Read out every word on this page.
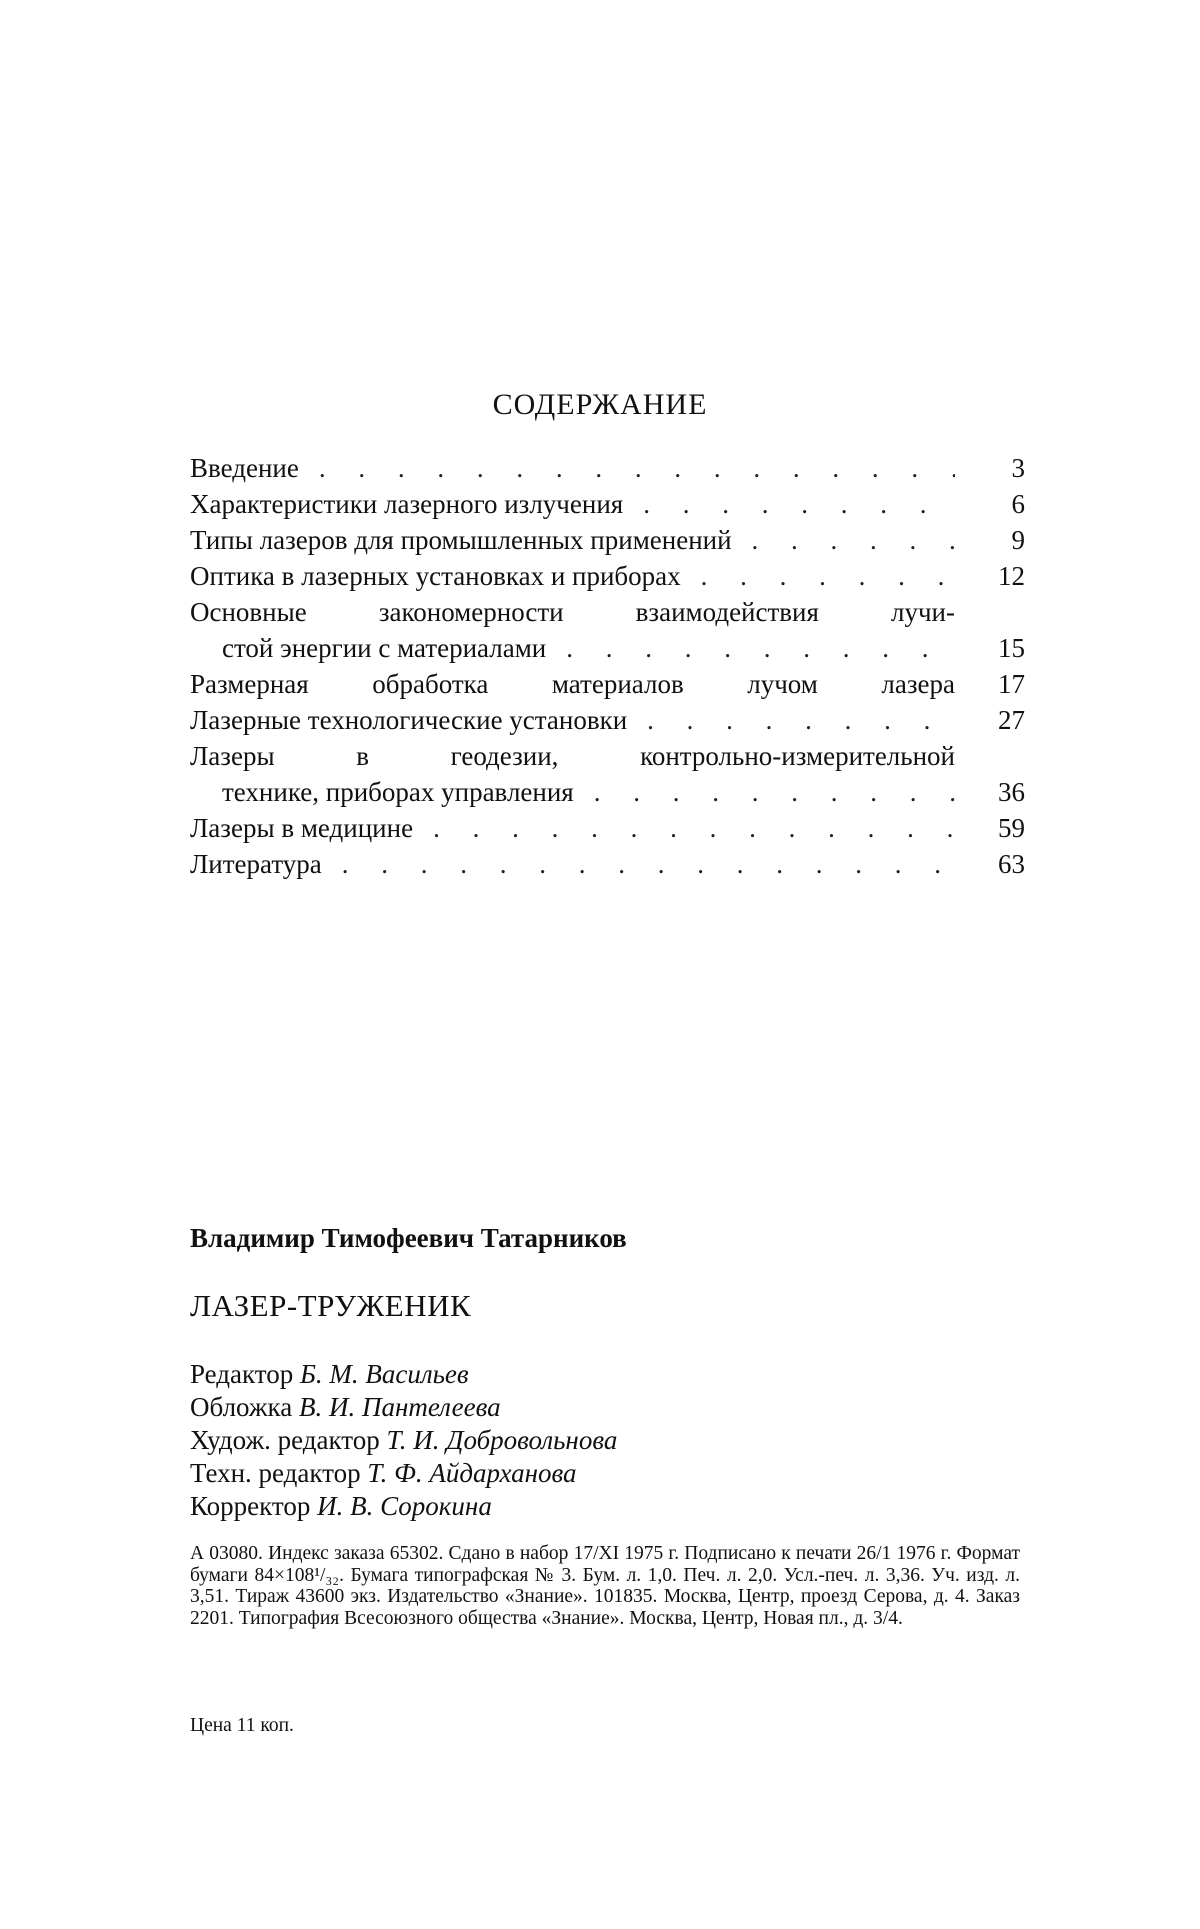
СОДЕРЖАНИЕ
Введение . . .	3
Характеристики лазерного излучения . . .	6
Типы лазеров для промышленных применений . . .	9
Оптика в лазерных установках и приборах . . .	12
Основные закономерности взаимодействия лучи-
стой энергии с материалами . . .	15
Размерная обработка материалов лучом лазера	17
Лазерные технологические установки . . .	27
Лазеры в геодезии, контрольно-измерительной
технике, приборах управления . . .	36
Лазеры в медицине . . .	59
Литература . . .	63
Владимир Тимофеевич Татарников
ЛАЗЕР-ТРУЖЕНИК
Редактор Б. М. Васильев
Обложка В. И. Пантелеева
Худож. редактор Т. И. Добровольнова
Техн. редактор Т. Ф. Айдарханова
Корректор И. В. Сорокина
А 03080. Индекс заказа 65302. Сдано в набор 17/XI 1975 г. Подписано к печати 26/1 1976 г. Формат бумаги 84×108¹/₃₂. Бумага типографская № 3. Бум. л. 1,0. Печ. л. 2,0. Усл.-печ. л. 3,36. Уч. изд. л. 3,51. Тираж 43600 экз. Издательство «Знание». 101835. Москва, Центр, проезд Серова, д. 4. Заказ 2201. Типография Всесоюзного общества «Знание». Москва, Центр, Новая пл., д. 3/4.
Цена 11 коп.
